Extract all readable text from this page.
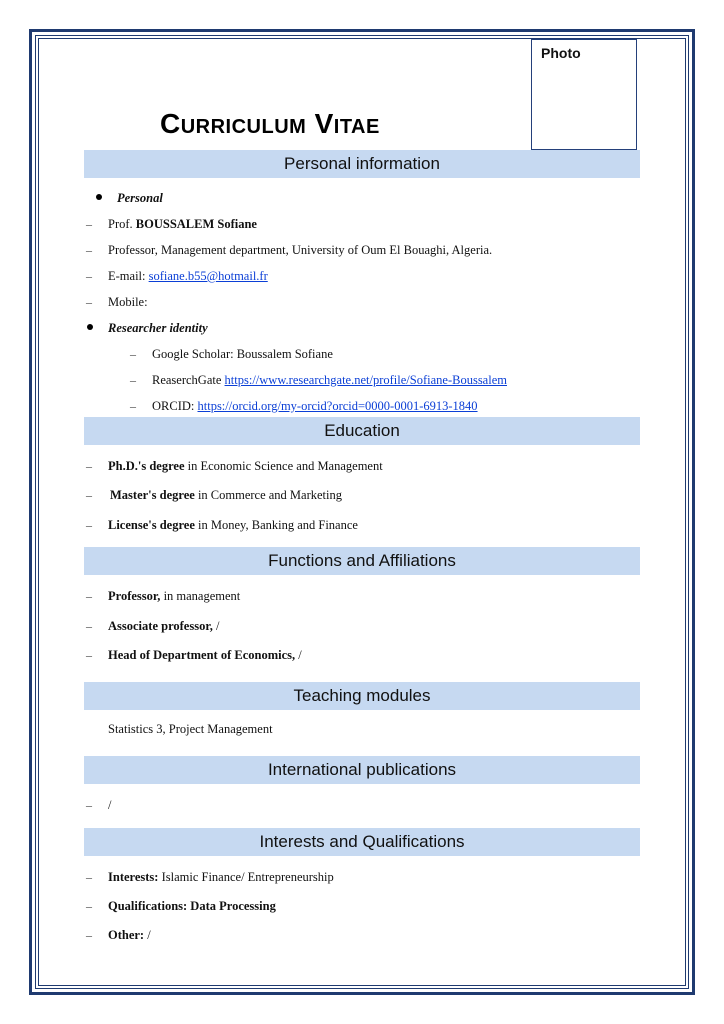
Photo
Curriculum Vitae
Personal information
Personal
– Prof. BOUSSALEM Sofiane
– Professor, Management department, University of Oum El Bouaghi, Algeria.
– E-mail: sofiane.b55@hotmail.fr
– Mobile:
Researcher identity
– Google Scholar: Boussalem Sofiane
– ReaserchGate https://www.researchgate.net/profile/Sofiane-Boussalem
– ORCID: https://orcid.org/my-orcid?orcid=0000-0001-6913-1840
Education
– Ph.D.'s degree in Economic Science and Management
– Master's degree in Commerce and Marketing
– License's degree in Money, Banking and Finance
Functions and Affiliations
– Professor, in management
– Associate professor, /
– Head of Department of Economics, /
Teaching modules
Statistics 3, Project Management
International publications
– /
Interests and Qualifications
– Interests: Islamic Finance/ Entrepreneurship
– Qualifications: Data Processing
– Other: /
